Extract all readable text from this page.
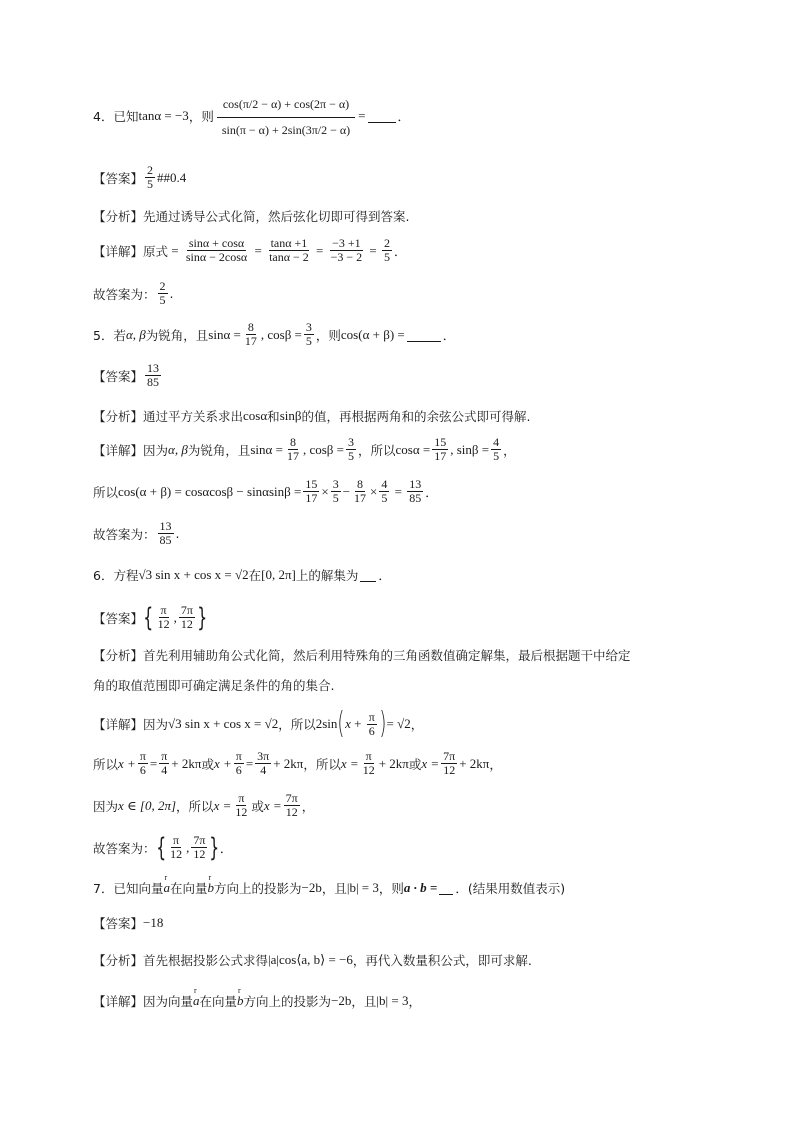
4．已知 tanα = −3 ，则 $\frac{\cos(\pi/2 - \alpha) + \cos(2\pi - \alpha)}{\sin(\pi - \alpha) + 2\sin(3\pi/2 - \alpha)}$ =	．
【答案】 $\frac{2}{5}$ ##0.4
【分析】 先通过诱导公式化简，然后弦化切即可得到答案.
【详解】 原式 = $\frac{\sin\alpha + \cos\alpha}{\sin\alpha - 2\cos\alpha} = \frac{\tan\alpha +1}{\tan\alpha - 2} = \frac{-3 +1}{-3 - 2} = \frac{2}{5}$ ．
故答案为： $\frac{2}{5}$ .
5．若 α, β 为锐角，且 $\sin\alpha = \frac{8}{17}$ , $\cos\beta = \frac{3}{5}$ ，则 cos(α + β) =	．
【答案】 $\frac{13}{85}$
【分析】 通过平方关系求出 cosα 和 sinβ 的值，再根据两角和的余弦公式即可得解.
【详解】 因为 α, β 为锐角，且 $\sin\alpha = \frac{8}{17}$ , $\cos\beta = \frac{3}{5}$ ，所以 $\cos\alpha = \frac{15}{17}$ , $\sin\beta = \frac{4}{5}$ ，
所以 $\cos(\alpha + \beta) = \cos\alpha\cos\beta - \sin\alpha\sin\beta = \frac{15}{17} \times \frac{3}{5} - \frac{8}{17} \times \frac{4}{5} = \frac{13}{85}$ ．
故答案为： $\frac{13}{85}$ .
6．方程 √3 sin x + cos x = √2 在 [0, 2π] 上的解集为 ．
【答案】 { $\frac{\pi}{12}$ , $\frac{7\pi}{12}$ }
【分析】 首先利用辅助角公式化简，然后利用特殊角的三角函数值确定解集，最后根据题干中给定
角的取值范围即可确定满足条件的角的集合.
【详解】 因为 √3 sin x + cos x = √2 ，所以 2sin ( $x + \frac{\pi}{6}$ ) = √2 ，
所以 $x + \frac{\pi}{6} = \frac{\pi}{4} + 2k\pi$ 或 $x + \frac{\pi}{6} = \frac{3\pi}{4} + 2k\pi$ ，所以 $x = \frac{\pi}{12} + 2k\pi$ 或 $x = \frac{7\pi}{12} + 2k\pi$ ，
因为 x ∈ [0, 2π] ，所以 $x = \frac{\pi}{12}$ 或 $x = \frac{7\pi}{12}$ ，
故答案为： { $\frac{\pi}{12}$ , $\frac{7\pi}{12}$ } ．
7．已知向量 r a 在向量 r b 方向上的投影为 −2b ，且 |b| = 3 ，则 a · b = ．(结果用数值表示)
【答案】 −18
【分析】 首先根据投影公式求得 |a|cos⟨a, b⟩ = −6 ，再代入数量积公式，即可求解.
【详解】 因为向量 r a 在向量 r b 方向上的投影为 −2b ，且 |b| = 3 ，
